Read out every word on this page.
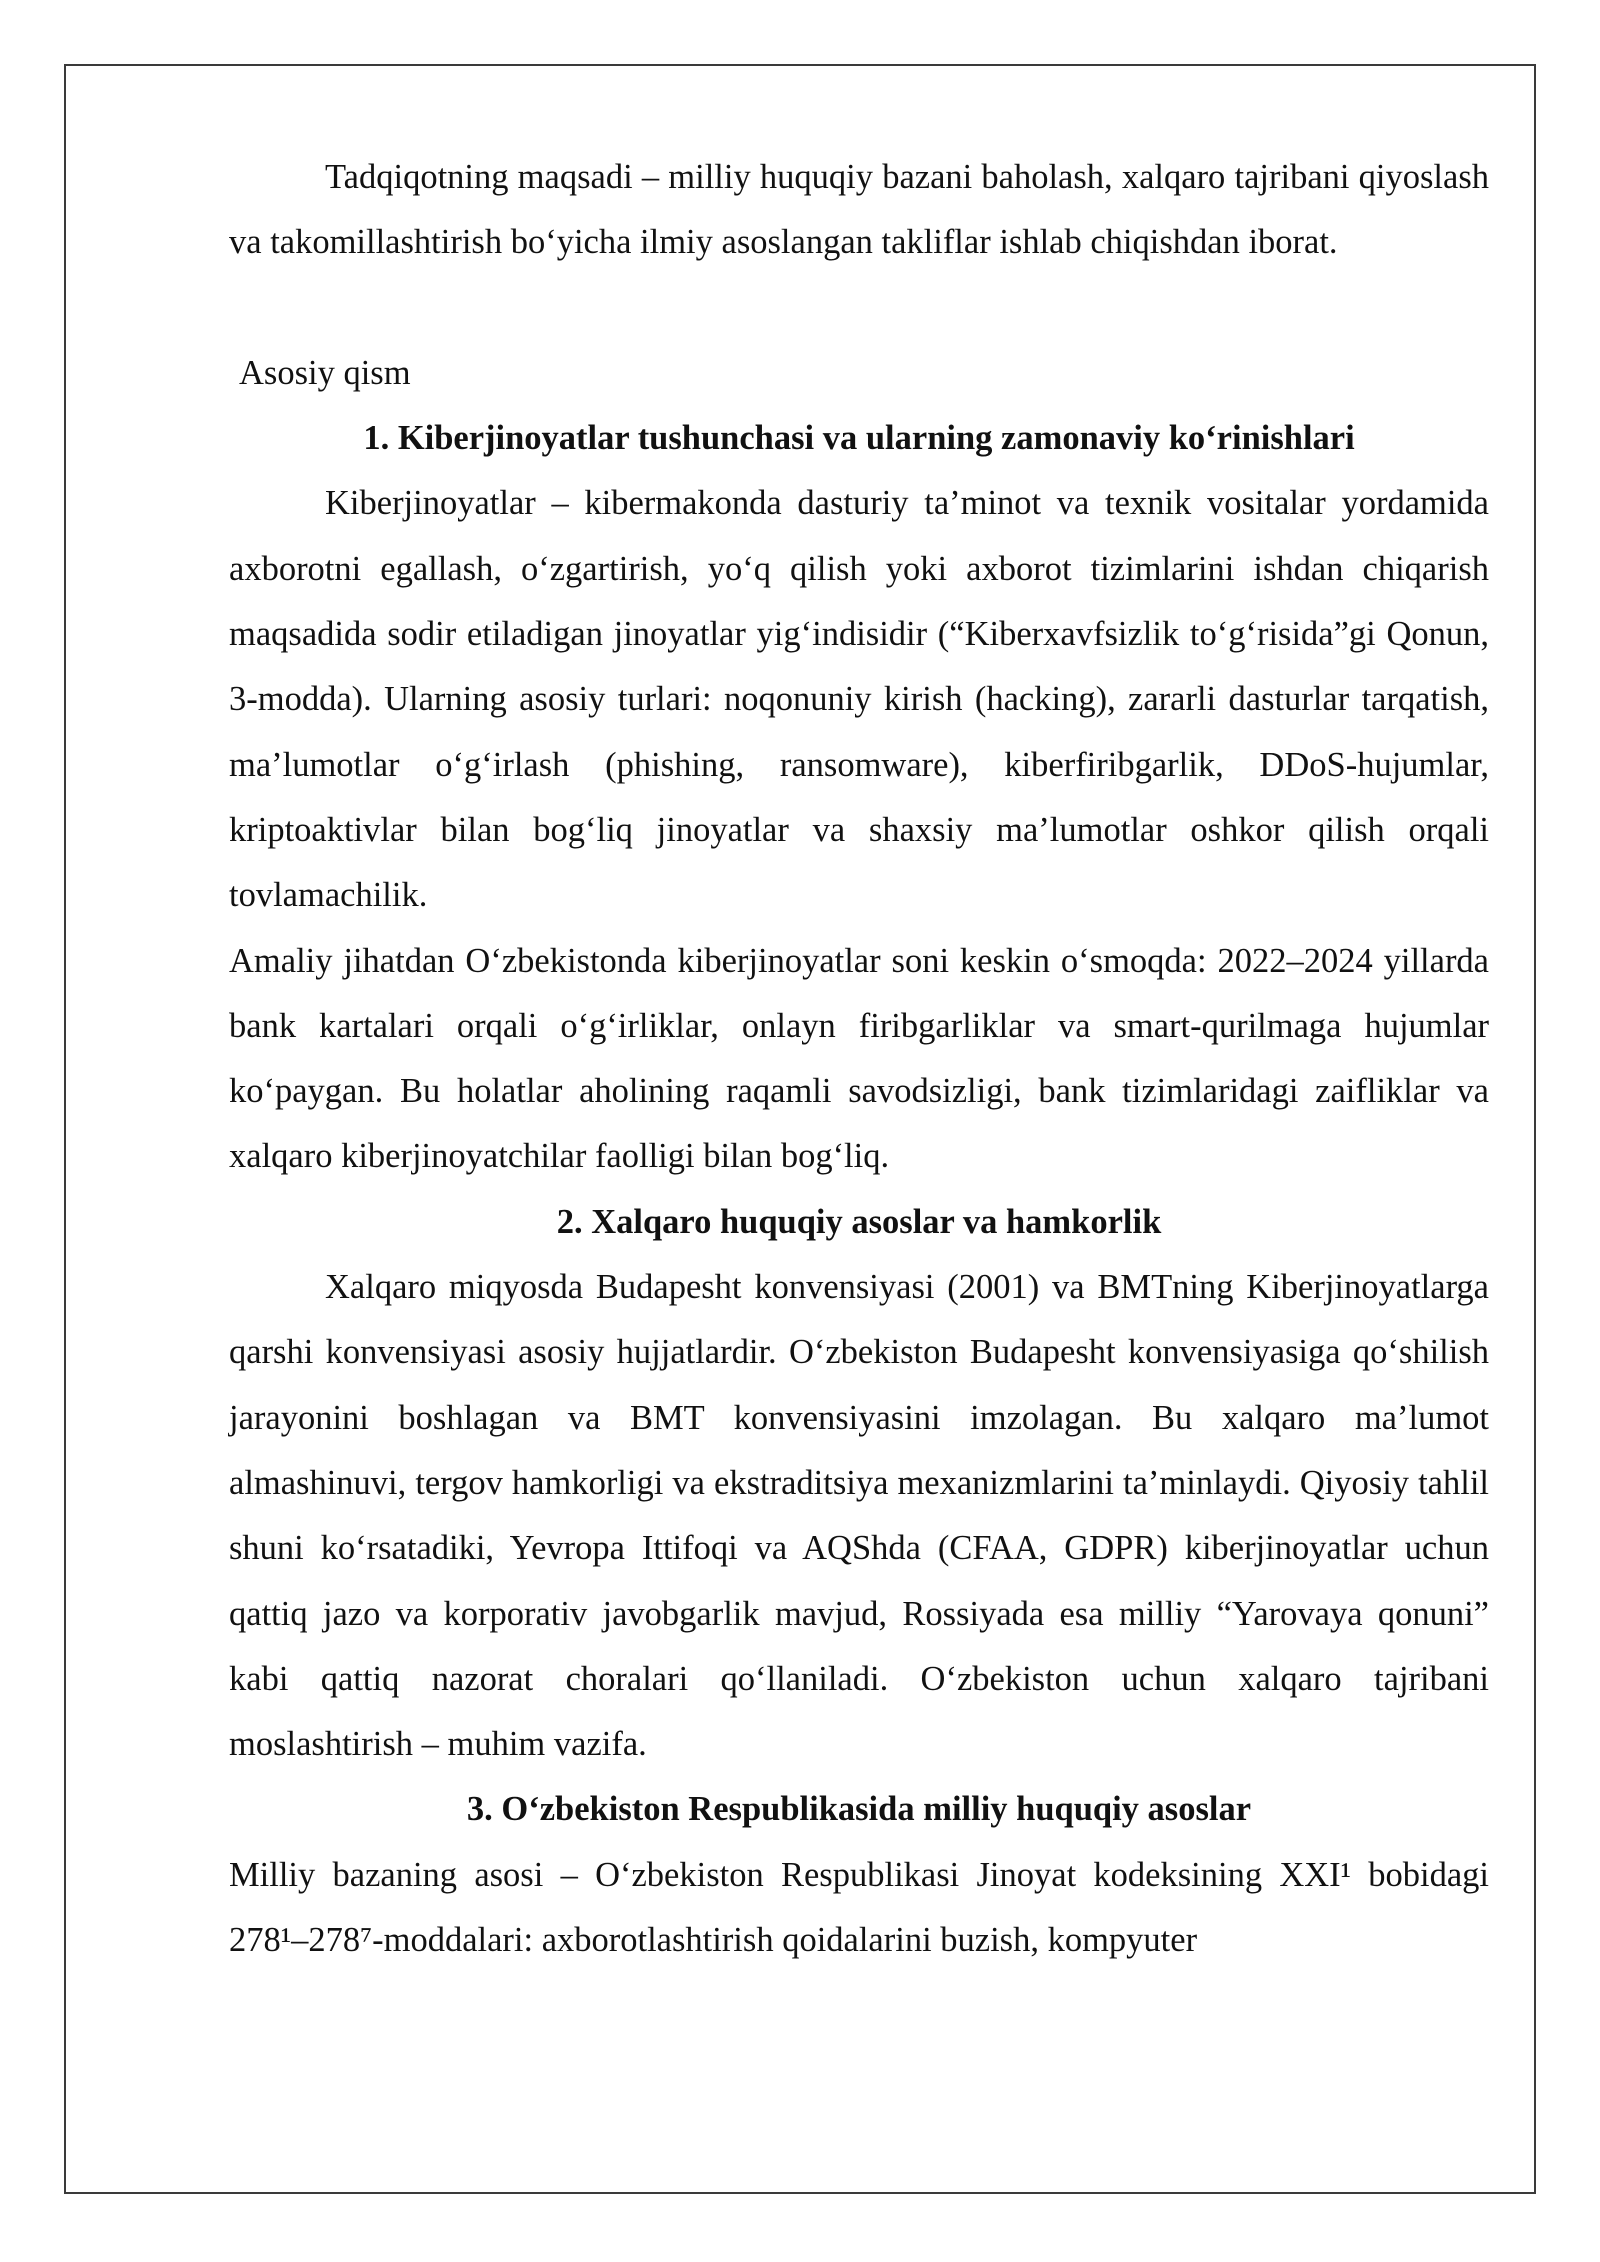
Tadqiqotning maqsadi – milliy huquqiy bazani baholash, xalqaro tajribani qiyoslash va takomillashtirish bo‘yicha ilmiy asoslangan takliflar ishlab chiqishdan iborat.

Asosiy qism

1. Kiberjinoyatlar tushunchasi va ularning zamonaviy ko‘rinishlari

Kiberjinoyatlar – kibermakonda dasturiy ta’minot va texnik vositalar yordamida axborotni egallash, o‘zgartirish, yo‘q qilish yoki axborot tizimlarini ishdan chiqarish maqsadida sodir etiladigan jinoyatlar yig‘indisidir (“Kiberxavfsizlik to‘g‘risida”gi Qonun, 3-modda). Ularning asosiy turlari: noqonuniy kirish (hacking), zararli dasturlar tarqatish, ma’lumotlar o‘g‘irlash (phishing, ransomware), kiberfiribgarlik, DDoS-hujumlar, kriptoaktivlar bilan bog‘liq jinoyatlar va shaxsiy ma’lumotlar oshkor qilish orqali tovlamachilik.

Amaliy jihatdan O‘zbekistonda kiberjinoyatlar soni keskin o‘smoqda: 2022–2024 yillarda bank kartalari orqali o‘g‘irliklar, onlayn firibgarliklar va smart-qurilmaga hujumlar ko‘paygan. Bu holatlar aholining raqamli savodsizligi, bank tizimlaridagi zaifliklar va xalqaro kiberjinoyatchilar faolligi bilan bog‘liq.

2. Xalqaro huquqiy asoslar va hamkorlik

Xalqaro miqyosda Budapesht konvensiyasi (2001) va BMTning Kiberjinoyatlarga qarshi konvensiyasi asosiy hujjatlardir. O‘zbekiston Budapesht konvensiyasiga qo‘shilish jarayonini boshlagan va BMT konvensiyasini imzolagan. Bu xalqaro ma’lumot almashinuvi, tergov hamkorligi va ekstraditsiya mexanizmlarini ta’minlaydi. Qiyosiy tahlil shuni ko‘rsatadiki, Yevropa Ittifoqi va AQShda (CFAA, GDPR) kiberjinoyatlar uchun qattiq jazo va korporativ javobgarlik mavjud, Rossiyada esa milliy “Yarovaya qonuni” kabi qattiq nazorat choralari qo‘llaniladi. O‘zbekiston uchun xalqaro tajribani moslashtirish – muhim vazifa.

3. O‘zbekiston Respublikasida milliy huquqiy asoslar

Milliy bazaning asosi – O‘zbekiston Respublikasi Jinoyat kodeksining XXI¹ bobidagi 278¹–278⁷-moddalari: axborotlashtirish qoidalarini buzish, kompyuter
